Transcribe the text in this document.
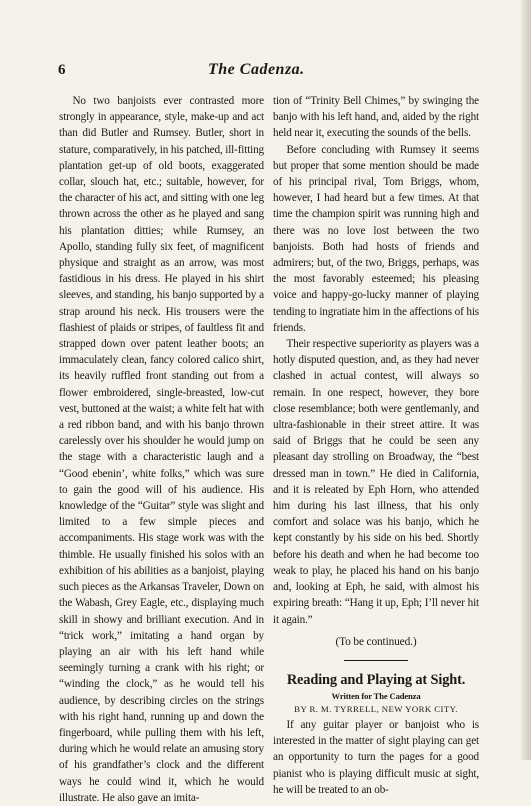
6	The Cadenza.

No two banjoists ever contrasted more strongly in appearance, style, make-up and act than did Butler and Rumsey. Butler, short in stature, comparatively, in his patched, ill-fitting plantation get-up of old boots, exaggerated collar, slouch hat, etc.; suitable, however, for the character of his act, and sitting with one leg thrown across the other as he played and sang his plantation ditties; while Rumsey, an Apollo, standing fully six feet, of magnificent physique and straight as an arrow, was most fastidious in his dress. He played in his shirt sleeves, and standing, his banjo supported by a strap around his neck. His trousers were the flashiest of plaids or stripes, of faultless fit and strapped down over patent leather boots; an immaculately clean, fancy colored calico shirt, its heavily ruffled front standing out from a flower embroidered, single-breasted, low-cut vest, buttoned at the waist; a white felt hat with a red ribbon band, and with his banjo thrown carelessly over his shoulder he would jump on the stage with a characteristic laugh and a “Good ebenin’, white folks,” which was sure to gain the good will of his audience. His knowledge of the “Guitar” style was slight and limited to a few simple pieces and accompaniments. His stage work was with the thimble. He usually finished his solos with an exhibition of his abilities as a banjoist, playing such pieces as the Arkansas Traveler, Down on the Wabash, Grey Eagle, etc., displaying much skill in showy and brilliant execution. And in “trick work,” imitating a hand organ by playing an air with his left hand while seemingly turning a crank with his right; or “winding the clock,” as he would tell his audience, by describing circles on the strings with his right hand, running up and down the fingerboard, while pulling them with his left, during which he would relate an amusing story of his grandfather’s clock and the different ways he could wind it, which he would illustrate. He also gave an imita-

tion of “Trinity Bell Chimes,” by swinging the banjo with his left hand, and, aided by the right held near it, executing the sounds of the bells.

Before concluding with Rumsey it seems but proper that some mention should be made of his principal rival, Tom Briggs, whom, however, I had heard but a few times. At that time the champion spirit was running high and there was no love lost between the two banjoists. Both had hosts of friends and admirers; but, of the two, Briggs, perhaps, was the most favorably esteemed; his pleasing voice and happy-go-lucky manner of playing tending to ingratiate him in the affections of his friends.

Their respective superiority as players was a hotly disputed question, and, as they had never clashed in actual contest, will always so remain. In one respect, however, they bore close resemblance; both were gentlemanly, and ultra-fashionable in their street attire. It was said of Briggs that he could be seen any pleasant day strolling on Broadway, the “best dressed man in town.” He died in California, and it is releated by Eph Horn, who attended him during his last illness, that his only comfort and solace was his banjo, which he kept constantly by his side on his bed. Shortly before his death and when he had become too weak to play, he placed his hand on his banjo and, looking at Eph, he said, with almost his expiring breath: “Hang it up, Eph; I’ll never hit it again.”

(To be continued.)
Reading and Playing at Sight.
Written for The Cadenza
BY R. M. TYRRELL, NEW YORK CITY.

If any guitar player or banjoist who is interested in the matter of sight playing can get an opportunity to turn the pages for a good pianist who is playing difficult music at sight, he will be treated to an ob-
